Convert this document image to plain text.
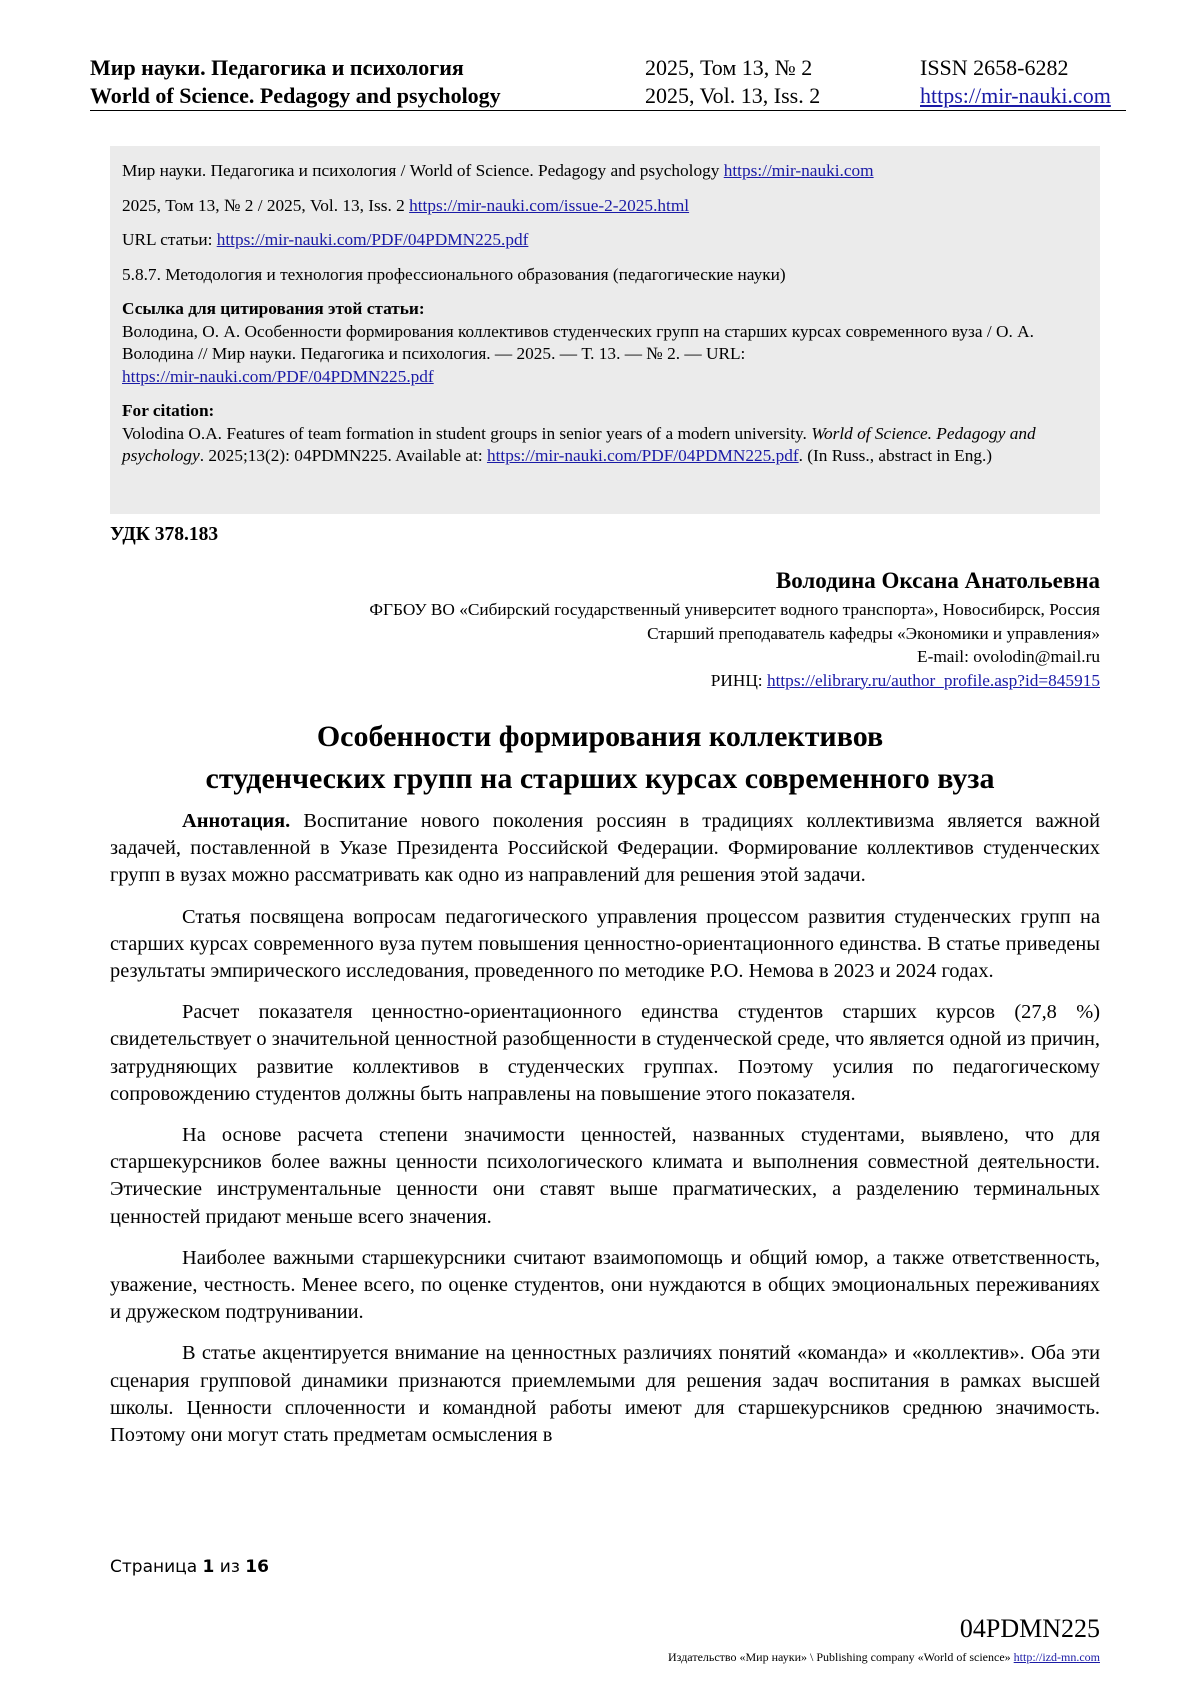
Мир науки. Педагогика и психология
World of Science. Pedagogy and psychology
2025, Том 13, № 2
2025, Vol. 13, Iss. 2
ISSN 2658-6282
https://mir-nauki.com

Мир науки. Педагогика и психология / World of Science. Pedagogy and psychology https://mir-nauki.com

2025, Том 13, № 2 / 2025, Vol. 13, Iss. 2 https://mir-nauki.com/issue-2-2025.html

URL статьи: https://mir-nauki.com/PDF/04PDMN225.pdf

5.8.7. Методология и технология профессионального образования (педагогические науки)

Ссылка для цитирования этой статьи:

Володина, О. А. Особенности формирования коллективов студенческих групп на старших курсах современного вуза / О. А. Володина // Мир науки. Педагогика и психология. — 2025. — Т. 13. — № 2. — URL:
https://mir-nauki.com/PDF/04PDMN225.pdf

For citation:

Volodina O.A. Features of team formation in student groups in senior years of a modern university. World of Science. Pedagogy and psychology. 2025;13(2): 04PDMN225. Available at: https://mir-nauki.com/PDF/04PDMN225.pdf. (In Russ., abstract in Eng.)

УДК 378.183
Володина Оксана Анатольевна
ФГБОУ ВО «Сибирский государственный университет водного транспорта», Новосибирск, Россия
Старший преподаватель кафедры «Экономики и управления»
E-mail: ovolodin@mail.ru
РИНЦ: https://elibrary.ru/author_profile.asp?id=845915
Особенности формирования коллективов
студенческих групп на старших курсах современного вуза

Аннотация. Воспитание нового поколения россиян в традициях коллективизма является важной задачей, поставленной в Указе Президента Российской Федерации. Формирование коллективов студенческих групп в вузах можно рассматривать как одно из направлений для решения этой задачи.

Статья посвящена вопросам педагогического управления процессом развития студенческих групп на старших курсах современного вуза путем повышения ценностно-ориентационного единства. В статье приведены результаты эмпирического исследования, проведенного по методике Р.О. Немова в 2023 и 2024 годах.

Расчет показателя ценностно-ориентационного единства студентов старших курсов (27,8 %) свидетельствует о значительной ценностной разобщенности в студенческой среде, что является одной из причин, затрудняющих развитие коллективов в студенческих группах. Поэтому усилия по педагогическому сопровождению студентов должны быть направлены на повышение этого показателя.

На основе расчета степени значимости ценностей, названных студентами, выявлено, что для старшекурсников более важны ценности психологического климата и выполнения совместной деятельности. Этические инструментальные ценности они ставят выше прагматических, а разделению терминальных ценностей придают меньше всего значения.

Наиболее важными старшекурсники считают взаимопомощь и общий юмор, а также ответственность, уважение, честность. Менее всего, по оценке студентов, они нуждаются в общих эмоциональных переживаниях и дружеском подтрунивании.

В статье акцентируется внимание на ценностных различиях понятий «команда» и «коллектив». Оба эти сценария групповой динамики признаются приемлемыми для решения задач воспитания в рамках высшей школы. Ценности сплоченности и командной работы имеют для старшекурсников среднюю значимость. Поэтому они могут стать предметам осмысления в

Страница 1 из 16
04PDMN225
Издательство «Мир науки» \ Publishing company «World of science» http://izd-mn.com
